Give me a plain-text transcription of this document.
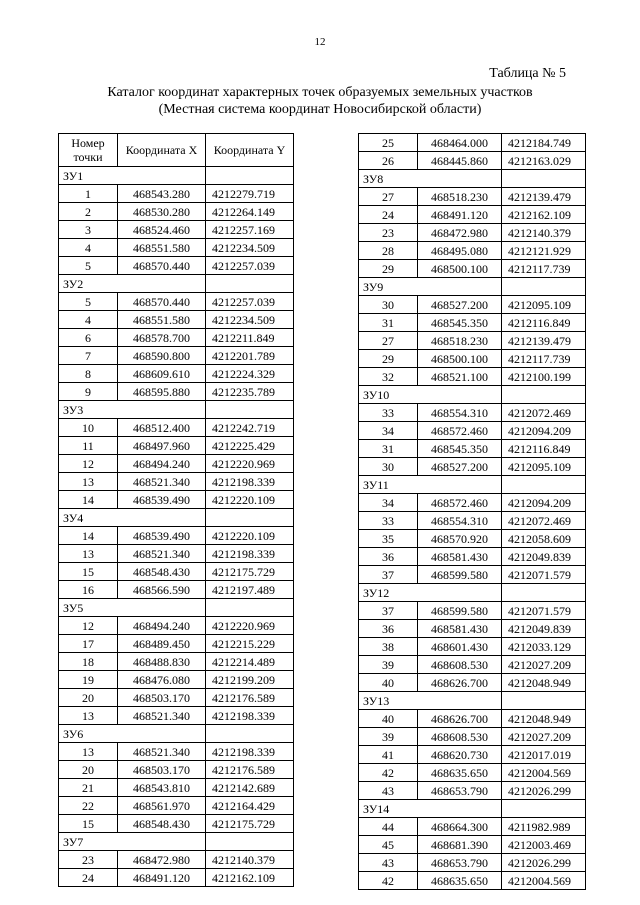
12
Таблица № 5
Каталог координат характерных точек образуемых земельных участков
(Местная система координат Новосибирской области)
Номер точки	Координата X	Координата Y
ЗУ1		
1	468543.280	4212279.719
2	468530.280	4212264.149
3	468524.460	4212257.169
4	468551.580	4212234.509
5	468570.440	4212257.039
ЗУ2		
5	468570.440	4212257.039
4	468551.580	4212234.509
6	468578.700	4212211.849
7	468590.800	4212201.789
8	468609.610	4212224.329
9	468595.880	4212235.789
ЗУ3		
10	468512.400	4212242.719
11	468497.960	4212225.429
12	468494.240	4212220.969
13	468521.340	4212198.339
14	468539.490	4212220.109
ЗУ4		
14	468539.490	4212220.109
13	468521.340	4212198.339
15	468548.430	4212175.729
16	468566.590	4212197.489
ЗУ5		
12	468494.240	4212220.969
17	468489.450	4212215.229
18	468488.830	4212214.489
19	468476.080	4212199.209
20	468503.170	4212176.589
13	468521.340	4212198.339
ЗУ6		
13	468521.340	4212198.339
20	468503.170	4212176.589
21	468543.810	4212142.689
22	468561.970	4212164.429
15	468548.430	4212175.729
ЗУ7		
23	468472.980	4212140.379
24	468491.120	4212162.109
25	468464.000	4212184.749
26	468445.860	4212163.029
ЗУ8		
27	468518.230	4212139.479
24	468491.120	4212162.109
23	468472.980	4212140.379
28	468495.080	4212121.929
29	468500.100	4212117.739
ЗУ9		
30	468527.200	4212095.109
31	468545.350	4212116.849
27	468518.230	4212139.479
29	468500.100	4212117.739
32	468521.100	4212100.199
ЗУ10		
33	468554.310	4212072.469
34	468572.460	4212094.209
31	468545.350	4212116.849
30	468527.200	4212095.109
ЗУ11		
34	468572.460	4212094.209
33	468554.310	4212072.469
35	468570.920	4212058.609
36	468581.430	4212049.839
37	468599.580	4212071.579
ЗУ12		
37	468599.580	4212071.579
36	468581.430	4212049.839
38	468601.430	4212033.129
39	468608.530	4212027.209
40	468626.700	4212048.949
ЗУ13		
40	468626.700	4212048.949
39	468608.530	4212027.209
41	468620.730	4212017.019
42	468635.650	4212004.569
43	468653.790	4212026.299
ЗУ14		
44	468664.300	4211982.989
45	468681.390	4212003.469
43	468653.790	4212026.299
42	468635.650	4212004.569
